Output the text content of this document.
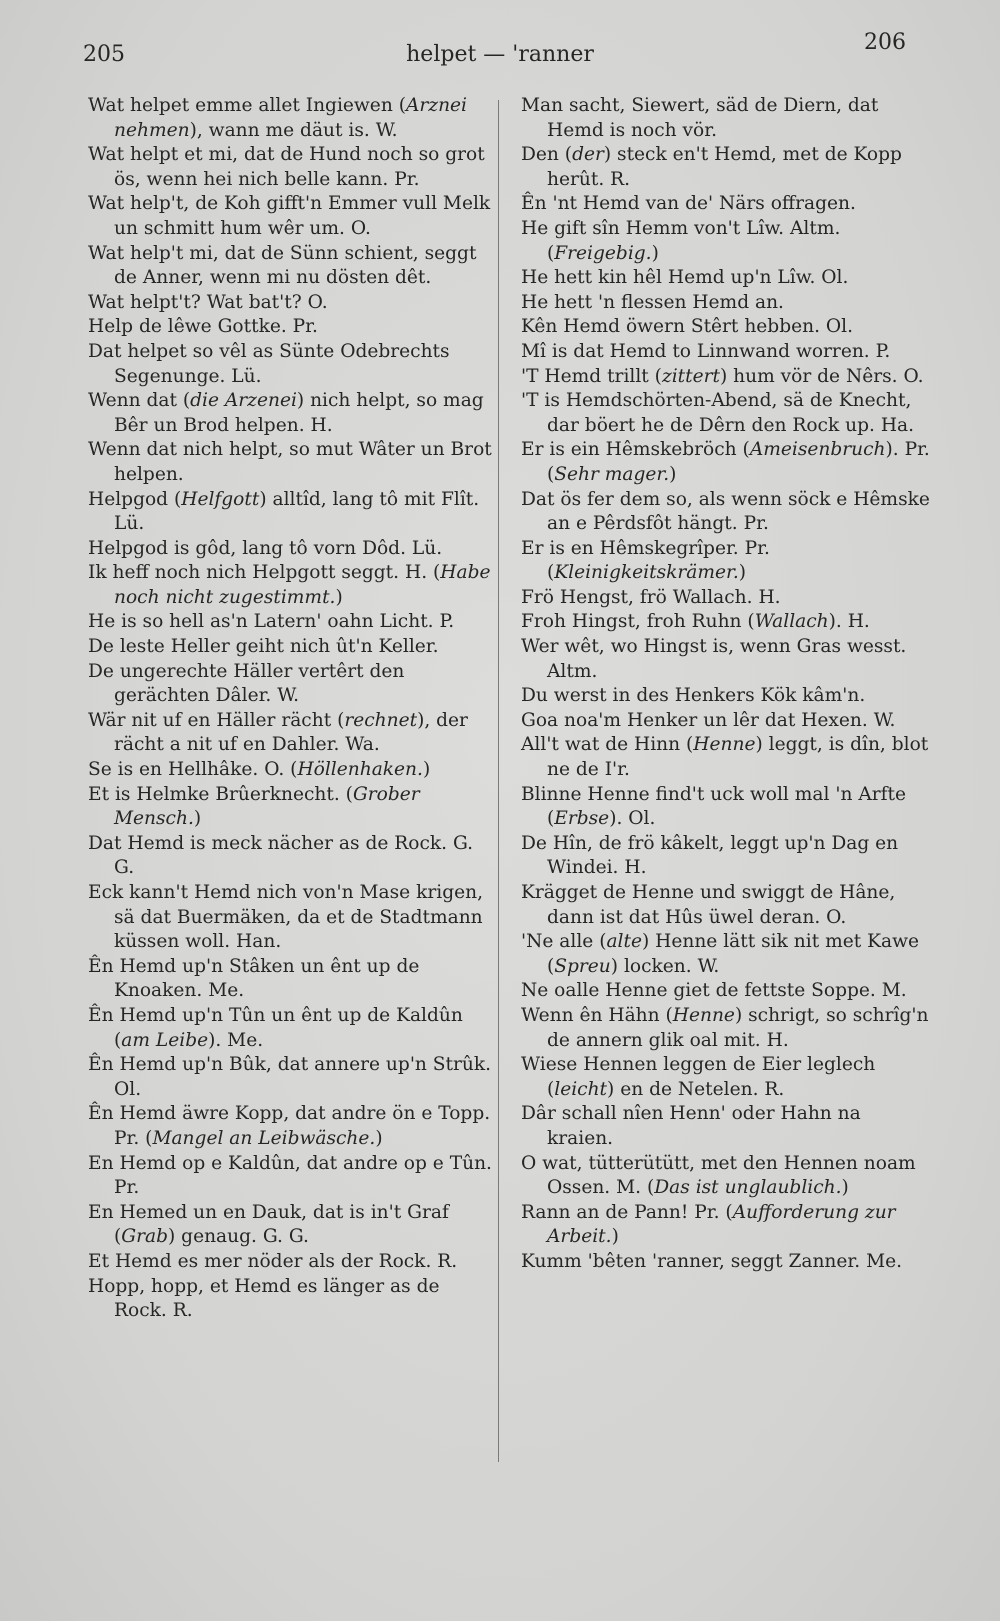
205	helpet — 'ranner	206

Wat helpet emme allet Ingiewen (Arznei nehmen), wann me däut is. W.

Wat helpt et mi, dat de Hund noch so grot ös, wenn hei nich belle kann. Pr.

Wat help't, de Koh gifft'n Emmer vull Melk un schmitt hum wêr um. O.

Wat help't mi, dat de Sünn schient, seggt de Anner, wenn mi nu dösten dêt.

Wat helpt't? Wat bat't? O.

Help de lêwe Gottke. Pr.

Dat helpet so vêl as Sünte Odebrechts Segenunge. Lü.

Wenn dat (die Arzenei) nich helpt, so mag Bêr un Brod helpen. H.

Wenn dat nich helpt, so mut Wâter un Brot helpen.

Helpgod (Helfgott) alltîd, lang tô mit Flît. Lü.

Helpgod is gôd, lang tô vorn Dôd. Lü.

Ik heff noch nich Helpgott seggt. H. (Habe noch nicht zugestimmt.)

He is so hell as'n Latern' oahn Licht. P.

De leste Heller geiht nich ût'n Keller.

De ungerechte Häller vertêrt den gerächten Dâler. W.

Wär nit uf en Häller rächt (rechnet), der rächt a nit uf en Dahler. Wa.

Se is en Hellhâke. O. (Höllenhaken.)

Et is Helmke Brûerknecht. (Grober Mensch.)

Dat Hemd is meck nächer as de Rock. G. G.

Eck kann't Hemd nich von'n Mase krigen, sä dat Buermäken, da et de Stadtmann küssen woll. Han.

Ên Hemd up'n Stâken un ênt up de Knoaken. Me.

Ên Hemd up'n Tûn un ênt up de Kaldûn (am Leibe). Me.

Ên Hemd up'n Bûk, dat annere up'n Strûk. Ol.

Ên Hemd äwre Kopp, dat andre ön e Topp. Pr. (Mangel an Leibwäsche.)

En Hemd op e Kaldûn, dat andre op e Tûn. Pr.

En Hemed un en Dauk, dat is in't Graf (Grab) genaug. G. G.

Et Hemd es mer nöder als der Rock. R.

Hopp, hopp, et Hemd es länger as de Rock. R.

Man sacht, Siewert, säd de Diern, dat Hemd is noch vör.

Den (der) steck en't Hemd, met de Kopp herût. R.

Ên 'nt Hemd van de' Närs offragen.

He gift sîn Hemm von't Lîw. Altm. (Freigebig.)

He hett kin hêl Hemd up'n Lîw. Ol.

He hett 'n flessen Hemd an.

Kên Hemd öwern Stêrt hebben. Ol.

Mî is dat Hemd to Linnwand worren. P.

'T Hemd trillt (zittert) hum vör de Nêrs. O.

'T is Hemdschörten-Abend, sä de Knecht, dar böert he de Dêrn den Rock up. Ha.

Er is ein Hêmskebröch (Ameisenbruch). Pr. (Sehr mager.)

Dat ös fer dem so, als wenn söck e Hêmske an e Pêrdsfôt hängt. Pr.

Er is en Hêmskegrîper. Pr. (Kleinigkeitskrämer.)

Frö Hengst, frö Wallach. H.

Froh Hingst, froh Ruhn (Wallach). H.

Wer wêt, wo Hingst is, wenn Gras wesst. Altm.

Du werst in des Henkers Kök kâm'n.

Goa noa'm Henker un lêr dat Hexen. W.

All't wat de Hinn (Henne) leggt, is dîn, blot ne de I'r.

Blinne Henne find't uck woll mal 'n Arfte (Erbse). Ol.

De Hîn, de frö kâkelt, leggt up'n Dag en Windei. H.

Krägget de Henne und swiggt de Hâne, dann ist dat Hûs üwel deran. O.

'Ne alle (alte) Henne lätt sik nit met Kawe (Spreu) locken. W.

Ne oalle Henne giet de fettste Soppe. M.

Wenn ên Hähn (Henne) schrigt, so schrîg'n de annern glik oal mit. H.

Wiese Hennen leggen de Eier leglech (leicht) en de Netelen. R.

Dâr schall nîen Henn' oder Hahn na kraien.

O wat, tütterütütt, met den Hennen noam Ossen. M. (Das ist unglaublich.)

Rann an de Pann! Pr. (Aufforderung zur Arbeit.)

Kumm 'bêten 'ranner, seggt Zanner. Me.
